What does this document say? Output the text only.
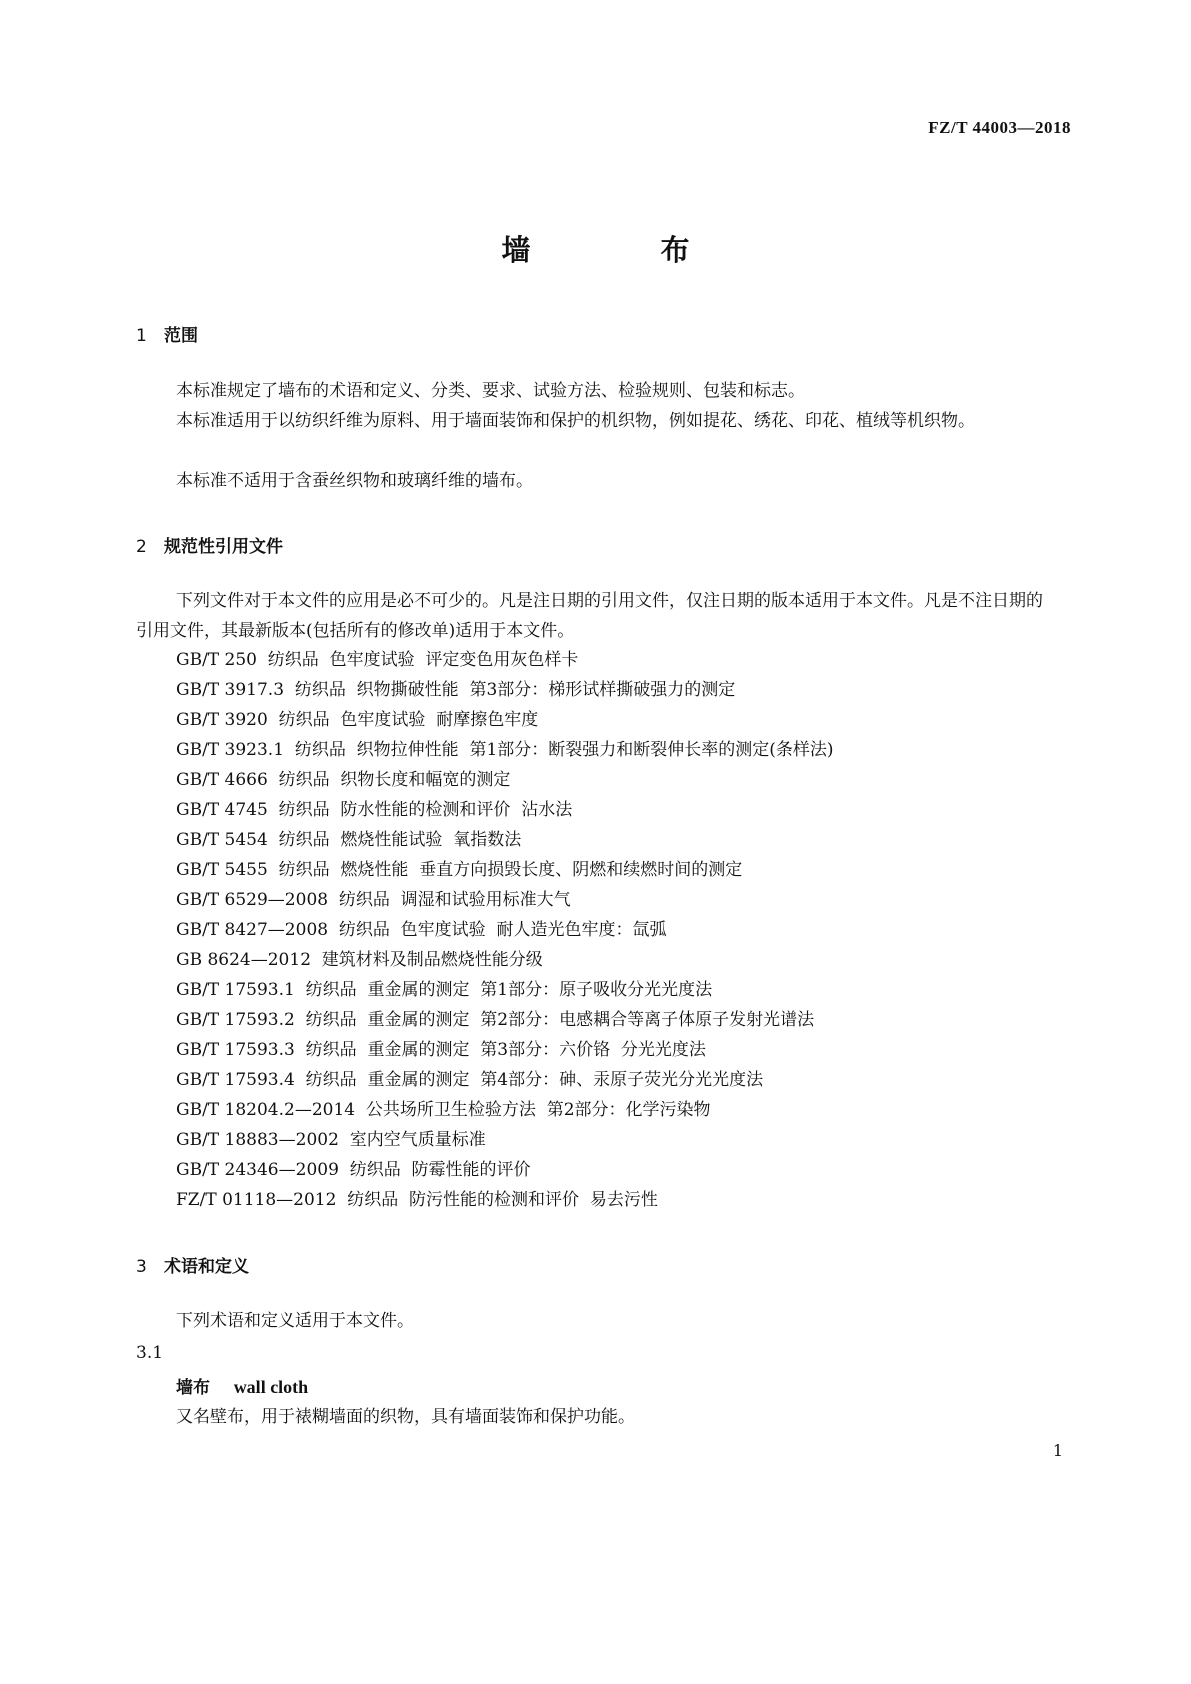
FZ/T 44003—2018
墙 布
1 范围

本标准规定了墙布的术语和定义、分类、要求、试验方法、检验规则、包装和标志。

本标准适用于以纺织纤维为原料、用于墙面装饰和保护的机织物，例如提花、绣花、印花、植绒等机织物。

本标准不适用于含蚕丝织物和玻璃纤维的墙布。

2 规范性引用文件

下列文件对于本文件的应用是必不可少的。凡是注日期的引用文件，仅注日期的版本适用于本文件。凡是不注日期的引用文件，其最新版本(包括所有的修改单)适用于本文件。

GB/T 250  纺织品  色牢度试验  评定变色用灰色样卡
GB/T 3917.3  纺织品  织物撕破性能  第3部分：梯形试样撕破强力的测定
GB/T 3920  纺织品  色牢度试验  耐摩擦色牢度
GB/T 3923.1  纺织品  织物拉伸性能  第1部分：断裂强力和断裂伸长率的测定(条样法)
GB/T 4666  纺织品  织物长度和幅宽的测定
GB/T 4745  纺织品  防水性能的检测和评价  沾水法
GB/T 5454  纺织品  燃烧性能试验  氧指数法
GB/T 5455  纺织品  燃烧性能  垂直方向损毁长度、阴燃和续燃时间的测定
GB/T 6529—2008  纺织品  调湿和试验用标准大气
GB/T 8427—2008  纺织品  色牢度试验  耐人造光色牢度：氙弧
GB 8624—2012  建筑材料及制品燃烧性能分级
GB/T 17593.1  纺织品  重金属的测定  第1部分：原子吸收分光光度法
GB/T 17593.2  纺织品  重金属的测定  第2部分：电感耦合等离子体原子发射光谱法
GB/T 17593.3  纺织品  重金属的测定  第3部分：六价铬  分光光度法
GB/T 17593.4  纺织品  重金属的测定  第4部分：砷、汞原子荧光分光光度法
GB/T 18204.2—2014  公共场所卫生检验方法  第2部分：化学污染物
GB/T 18883—2002  室内空气质量标准
GB/T 24346—2009  纺织品  防霉性能的评价
FZ/T 01118—2012  纺织品  防污性能的检测和评价  易去污性
3 术语和定义

下列术语和定义适用于本文件。

3.1
墙布 wall cloth
又名壁布，用于裱糊墙面的织物，具有墙面装饰和保护功能。
1
